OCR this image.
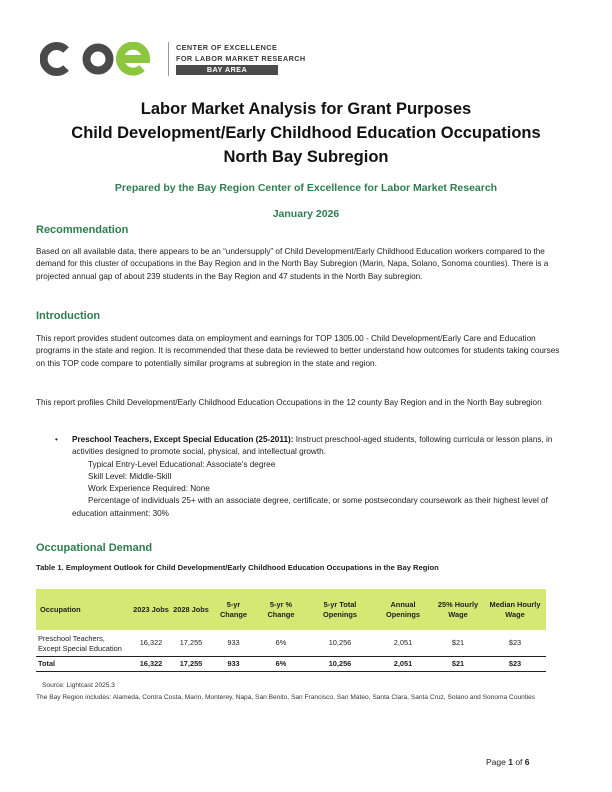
CENTER OF EXCELLENCE
FOR LABOR MARKET RESEARCH
BAY AREA
Labor Market Analysis for Grant Purposes
Child Development/Early Childhood Education Occupations
North Bay Subregion
Prepared by the Bay Region Center of Excellence for Labor Market Research
January 2026
Recommendation
Based on all available data, there appears to be an “undersupply” of Child Development/Early Childhood Education workers compared to the demand for this cluster of occupations in the Bay Region and in the North Bay Subregion (Marin, Napa, Solano, Sonoma counties). There is a projected annual gap of about 239 students in the Bay Region and 47 students in the North Bay subregion.
Introduction
This report provides student outcomes data on employment and earnings for TOP 1305.00 - Child Development/Early Care and Education programs in the state and region. It is recommended that these data be reviewed to better understand how outcomes for students taking courses on this TOP code compare to potentially similar programs at subregion in the state and region.
This report profiles Child Development/Early Childhood Education Occupations in the 12 county Bay Region and in the North Bay subregion
• Preschool Teachers, Except Special Education (25-2011): Instruct preschool-aged students, following curricula or lesson plans, in activities designed to promote social, physical, and intellectual growth.
Typical Entry-Level Educational: Associate's degree
Skill Level: Middle-Skill
Work Experience Required: None
Percentage of individuals 25+ with an associate degree, certificate, or some postsecondary coursework as their highest level of education attainment: 30%
Occupational Demand
Table 1. Employment Outlook for Child Development/Early Childhood Education Occupations in the Bay Region
Occupation	2023 Jobs	2028 Jobs	5-yr Change	5-yr % Change	5-yr Total Openings	Annual Openings	25% Hourly Wage	Median Hourly Wage
Preschool Teachers, Except Special Education	16,322	17,255	933	6%	10,256	2,051	$21	$23
Total	16,322	17,255	933	6%	10,256	2,051	$21	$23
Source: Lightcast 2025.3
The Bay Region includes: Alameda, Contra Costa, Marin, Monterey, Napa, San Benito, San Francisco, San Mateo, Santa Clara, Santa Cruz, Solano and Sonoma Counties
Page 1 of 6
